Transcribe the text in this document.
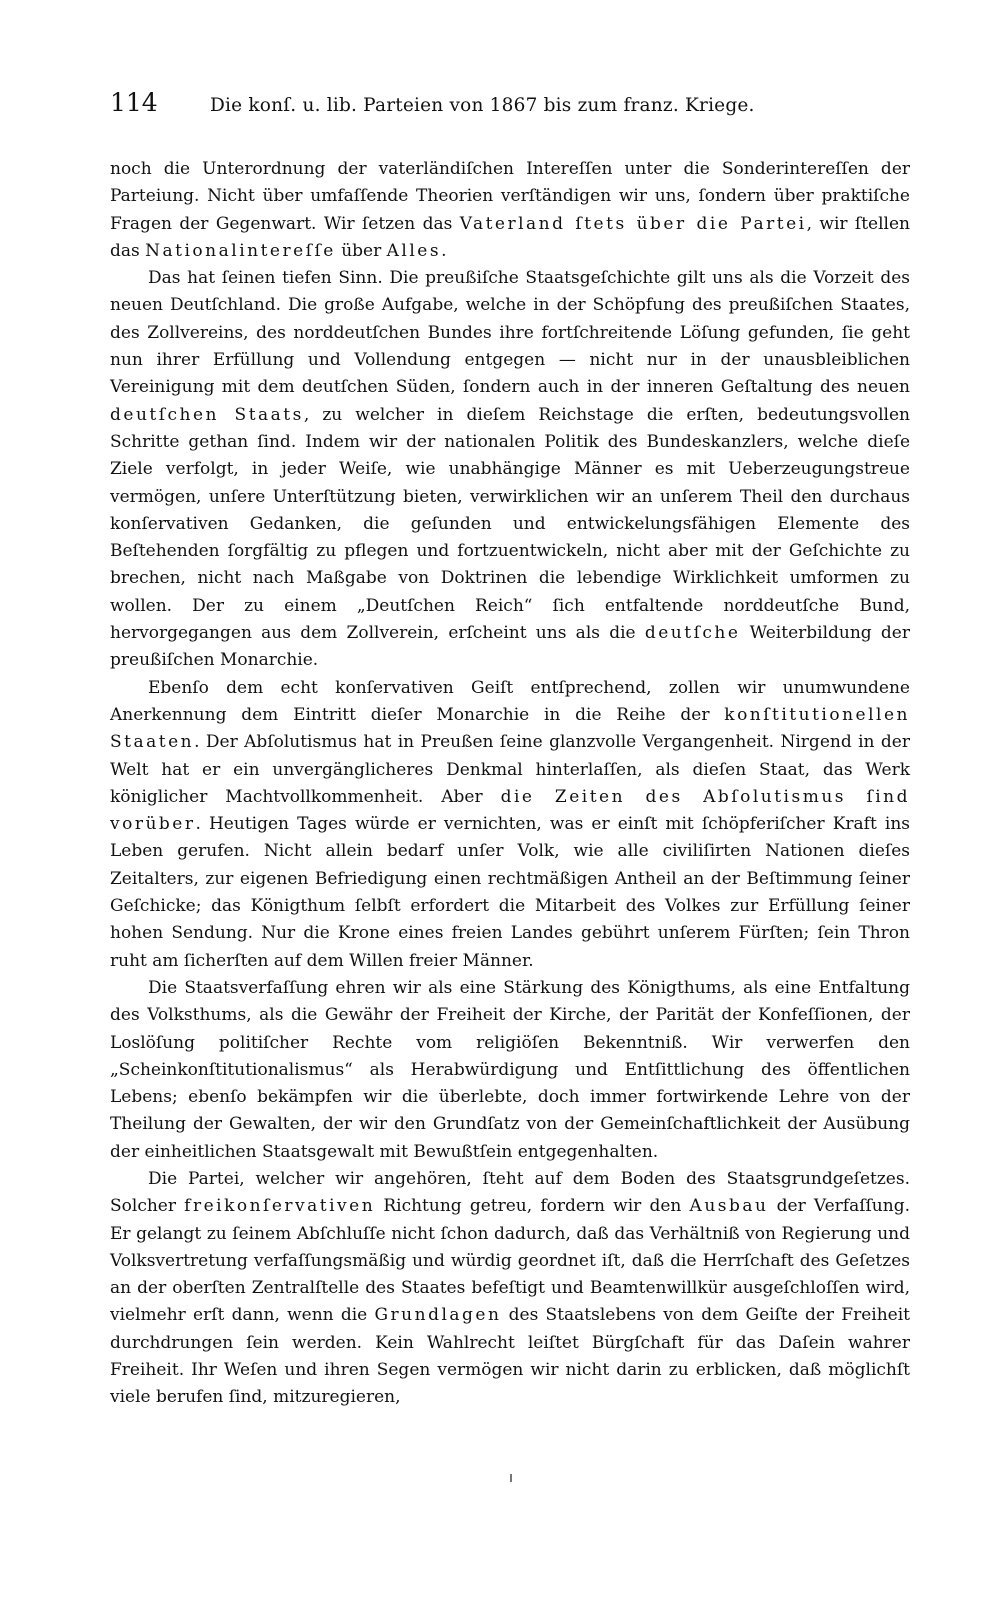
114	Die konſ. u. lib. Parteien von 1867 bis zum franz. Kriege.

noch die Unterordnung der vaterländiſchen Intereſſen unter die Sonderintereſſen der Parteiung. Nicht über umfaſſende Theorien verſtändigen wir uns, ſondern über praktiſche Fragen der Gegenwart. Wir ſetzen das Vaterland ſtets über die Partei, wir ſtellen das Nationalintereſſe über Alles.

Das hat ſeinen tiefen Sinn. Die preußiſche Staatsgeſchichte gilt uns als die Vorzeit des neuen Deutſchland. Die große Aufgabe, welche in der Schöpfung des preußiſchen Staates, des Zollvereins, des norddeutſchen Bundes ihre fortſchreitende Löſung gefunden, ſie geht nun ihrer Erfüllung und Vollendung entgegen — nicht nur in der unausbleiblichen Vereinigung mit dem deutſchen Süden, ſondern auch in der inneren Geſtaltung des neuen deutſchen Staats, zu welcher in dieſem Reichstage die erſten, bedeutungsvollen Schritte gethan ſind. Indem wir der nationalen Politik des Bundeskanzlers, welche dieſe Ziele verfolgt, in jeder Weiſe, wie unabhängige Männer es mit Ueberzeugungstreue vermögen, unſere Unterſtützung bieten, verwirklichen wir an unſerem Theil den durchaus konſervativen Gedanken, die geſunden und entwickelungsfähigen Elemente des Beſtehenden ſorgfältig zu pflegen und fortzuentwickeln, nicht aber mit der Geſchichte zu brechen, nicht nach Maßgabe von Doktrinen die lebendige Wirklichkeit umformen zu wollen. Der zu einem „Deutſchen Reich“ ſich entfaltende norddeutſche Bund, hervorgegangen aus dem Zollverein, erſcheint uns als die deutſche Weiterbildung der preußiſchen Monarchie.

Ebenſo dem echt konſervativen Geiſt entſprechend, zollen wir unumwundene Anerkennung dem Eintritt dieſer Monarchie in die Reihe der konſtitutionellen Staaten. Der Abſolutismus hat in Preußen ſeine glanzvolle Vergangenheit. Nirgend in der Welt hat er ein unvergänglicheres Denkmal hinterlaſſen, als dieſen Staat, das Werk königlicher Machtvollkommenheit. Aber die Zeiten des Abſolutismus ſind vorüber. Heutigen Tages würde er vernichten, was er einſt mit ſchöpferiſcher Kraft ins Leben gerufen. Nicht allein bedarf unſer Volk, wie alle civiliſirten Nationen dieſes Zeitalters, zur eigenen Befriedigung einen rechtmäßigen Antheil an der Beſtimmung ſeiner Geſchicke; das Königthum ſelbſt erfordert die Mitarbeit des Volkes zur Erfüllung ſeiner hohen Sendung. Nur die Krone eines freien Landes gebührt unſerem Fürſten; ſein Thron ruht am ſicherſten auf dem Willen freier Männer.

Die Staatsverfaſſung ehren wir als eine Stärkung des Königthums, als eine Entfaltung des Volksthums, als die Gewähr der Freiheit der Kirche, der Parität der Konfeſſionen, der Loslöſung politiſcher Rechte vom religiöſen Bekenntniß. Wir verwerfen den „Scheinkonſtitutionalismus“ als Herabwürdigung und Entſittlichung des öffentlichen Lebens; ebenſo bekämpfen wir die überlebte, doch immer fortwirkende Lehre von der Theilung der Gewalten, der wir den Grundſatz von der Gemeinſchaftlichkeit der Ausübung der einheitlichen Staatsgewalt mit Bewußtſein entgegenhalten.

Die Partei, welcher wir angehören, ſteht auf dem Boden des Staatsgrundgeſetzes. Solcher freikonſervativen Richtung getreu, fordern wir den Ausbau der Verfaſſung. Er gelangt zu ſeinem Abſchluſſe nicht ſchon dadurch, daß das Verhältniß von Regierung und Volksvertretung verfaſſungsmäßig und würdig geordnet iſt, daß die Herrſchaft des Geſetzes an der oberſten Zentralſtelle des Staates befeſtigt und Beamtenwillkür ausgeſchloſſen wird, vielmehr erſt dann, wenn die Grundlagen des Staatslebens von dem Geiſte der Freiheit durchdrungen ſein werden. Kein Wahlrecht leiſtet Bürgſchaft für das Daſein wahrer Freiheit. Ihr Weſen und ihren Segen vermögen wir nicht darin zu erblicken, daß möglichſt viele berufen ſind, mitzuregieren,
